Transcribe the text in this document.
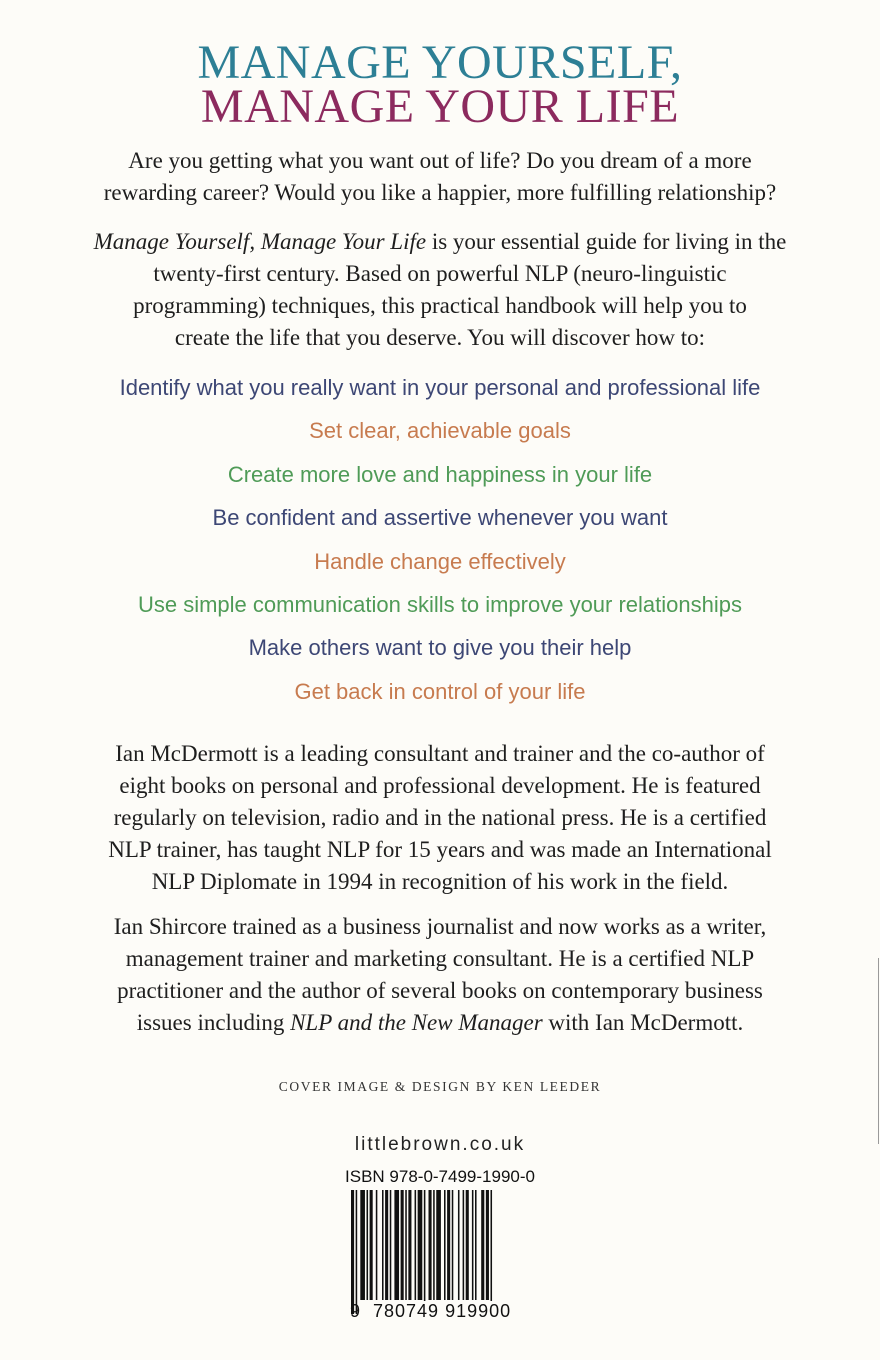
MANAGE YOURSELF,
MANAGE YOUR LIFE

Are you getting what you want out of life? Do you dream of a more

rewarding career? Would you like a happier, more fulfilling relationship?

Manage Yourself, Manage Your Life is your essential guide for living in the

twenty-first century. Based on powerful NLP (neuro-linguistic

programming) techniques, this practical handbook will help you to

create the life that you deserve. You will discover how to:

Identify what you really want in your personal and professional life
Set clear, achievable goals
Create more love and happiness in your life
Be confident and assertive whenever you want
Handle change effectively
Use simple communication skills to improve your relationships
Make others want to give you their help
Get back in control of your life

Ian McDermott is a leading consultant and trainer and the co-author of

eight books on personal and professional development. He is featured

regularly on television, radio and in the national press. He is a certified

NLP trainer, has taught NLP for 15 years and was made an International

NLP Diplomate in 1994 in recognition of his work in the field.

Ian Shircore trained as a business journalist and now works as a writer,

management trainer and marketing consultant. He is a certified NLP

practitioner and the author of several books on contemporary business

issues including NLP and the New Manager with Ian McDermott.

COVER IMAGE & DESIGN BY KEN LEEDER
littlebrown.co.uk
ISBN 978-0-7499-1990-0
9 780749 919900
